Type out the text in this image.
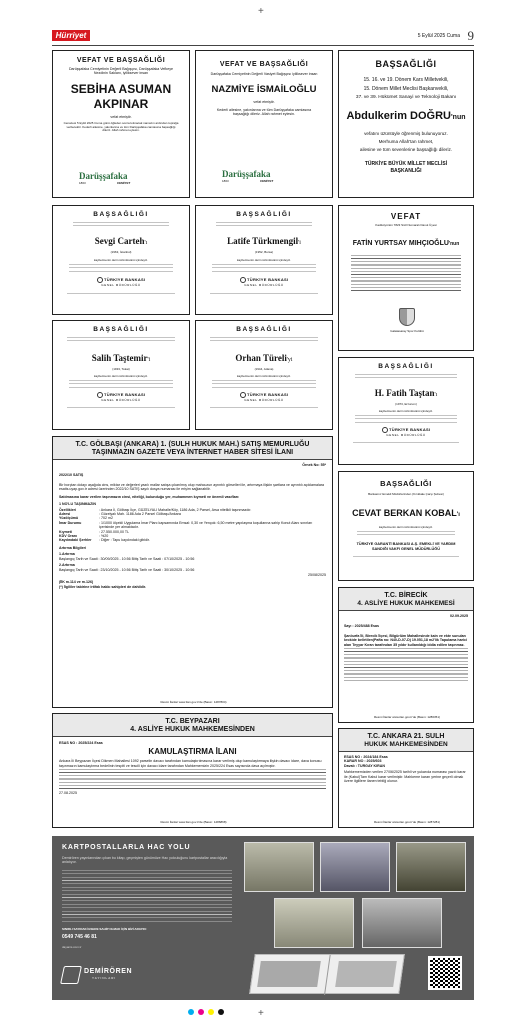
Hürriyet	5 Eylül 2025 Cuma 9
VEFAT VE BAŞSAĞLIĞI
Darüşşafaka Cemiyetinin Değerli Bağışçısı, Darüşşafaka Vefkeye Nezdinin Saklanı, iyiliksever insan
SEBİHA ASUMAN
AKPINAR
vefat etmiştir.
Cenazesi 5 Eylül 2025 Cuma günü öğleden sonra kılınacak namazın ardından toprağa verilecektir. Kederli ailesine, yakınlarına ve tüm Darüşşafaka camiasına başsağlığı dileriz. Allah rahmet eylesin.
Darüşşafaka
1863	CEMİYET
VEFAT VE BAŞSAĞLIĞI
Darüşşafaka Cemiyetinin Değerli Vasiyet Bağışçısı iyiliksever insan
NAZMİYE İSMAİLOĞLU
vefat etmiştir.
Kederli ailesine, yakınlarına ve tüm Darüşşafaka camiasına başsağlığı dileriz. Allah rahmet eylesin.
Darüşşafaka
1863	CEMİYET
BAŞSAĞLIĞI
15. 16. ve 19. Dönem Kars Milletvekili,
15. Dönem Millet Meclisi Başkanvekili,
37. ve 39. Hükümet Sanayi ve Teknoloji Bakanı
Abdulkerim DOĞRU'nun
vefatını üzüntüyle öğrenmiş bulunuyoruz.
Merhuma Allah'tan rahmet,
ailesine ve tüm sevenlerine başsağlığı dileriz.
TÜRKİYE BÜYÜK MİLLET MECLİSİ BAŞKANLIĞI
BAŞSAĞLIĞI
Sevgi Carteh'ı
(1963, İstanbul)
kaybetmenin derin üzüntüsünü içindeyiz.
TÜRKİYE BANKASI
GENEL MÜDÜRLÜĞÜ
BAŞSAĞLIĞI
Latife Türkmengil'i
(1952, Bursa)
kaybetmenin derin üzüntüsünü içindeyiz.
TÜRKİYE BANKASI
GENEL MÜDÜRLÜĞÜ
VEFAT
Kadıköyünün 7823 Sicil Numaralı Davut Üyesi
FATİN YURTSAY MIHÇIOĞLU'nun
Galatasaray Spor Kulübü
BAŞSAĞLIĞI
Salih Taştemir'i
(1933, Tokat)
kaybetmenin derin üzüntüsünü içindeyiz.
TÜRKİYE BANKASI
GENEL MÜDÜRLÜĞÜ
BAŞSAĞLIĞI
Orhan Türeli'yi
(1944, Adana)
kaybetmenin derin üzüntüsünü içindeyiz.
TÜRKİYE BANKASI
GENEL MÜDÜRLÜĞÜ
BAŞSAĞLIĞI
H. Fatih Taştan'ı
(1973, Erzurum)
kaybetmenin derin üzüntüsünü içindeyiz.
TÜRKİYE BANKASI
GENEL MÜDÜRLÜĞÜ
T.C. GÖLBAŞI (ANKARA) 1. (SULH HUKUK MAH.) SATIŞ MEMURLUĞU
TAŞINMAZIN GAZETE VEYA İNTERNET HABER SİTESİ İLANI
2022/10 SATIŞ
Örnek No: 55*
Bir borçtan dolayı aşağıda cins, miktar ve değerleri yazılı mallar satışa çıkarılmış olup mahcuzun ayrıntılı görselleri ile, artırmaya ilişkin şartlara ve ayrıntılı açıklamalara esatis.uyap.gov.tr adresi üzerinden 2022/10 SATIŞ sayılı dosya numarası ile erişim sağlanabilir.
Satılmasına karar verilen taşınmazın cinsi, niteliği, bulunduğu yer, muhammen kıymeti ve önemli vasıfları:
1 NO'LU TAŞINMAZIN
Özellikleri	: Ankara İl, Gölbaşı İlçe, GÜZELYALI Mahalle/Köy, 1186 Ada, 2 Parsel, Arsa nitelikli taşınmazdır.
Adresi	: Güzelyalı Mah. 1186 Ada 2 Parsel Gölbaşı/Ankara
Yüzölçümü	: 702 m2
İmar Durumu	: 1/1000 ölçekli Uygulama İmar Planı kapsamında Emsal: 0,30 ve Yençok: 6,50 metre yapılaşma koşullarına sahip Konut Alanı sınırları içerisinde yer almaktadır.
Kıymeti	: 27.550.000,00 TL
KDV Oranı	: %20
Kaydındaki Şerhler	: Diğer : Tapu kaydındaki gibidir.
Artırma Bilgileri
1.Artırma
Başlangıç Tarih ve Saati : 30/09/2025 - 10:56 Bitiş Tarih ve Saati : 07/10/2025 - 10:56
2.Artırma
Başlangıç Tarih ve Saati : 23/10/2025 - 10:56 Bitiş Tarih ve Saati : 30/10/2025 - 10:56
25/08/2025
(İİK m.114 ve m.126)
(*) İlgililer tabirine irtifak hakkı sahipleri de dahildir.
Resmi İlanlar www.ilan.gov.tr'de (Basın: 1287804)
T.C. BEYPAZARI
4. ASLİYE HUKUK MAHKEMESİNDEN
ESAS NO : 2025/224 Esas
KAMULAŞTIRMA İLANI
Ankara İli Beypazarı İlçesi Dikmen Mahallesi 1092 parselin davacı tarafından kamulaştırılmasına karar verilmiş olup kamulaştırmaya ilişkin davacı idare, dava konusu taşınmazın kamulaştırma bedelinin tespiti ve tescili için davacı idare tarafından Mahkememizin 2025/224 Esas sayısında dava açılmıştır.
27.08.2025
Resmi İlanlar www.ilan.gov.tr'de (Basın: 1286868)
BAŞSAĞLIĞI
Bankamız Emekli Müdürlerinden (Kırıkkale Çarşı Şubesi)
CEVAT BERKAN KOBAL'ı
kaybetmenin derin üzüntüsünü içindeyiz.
TÜRKİYE GARANTİ BANKASI A.Ş. EMEKLİ VE YARDIM SANDIĞI VAKFI GENEL MÜDÜRLÜĞÜ
T.C. BİRECİK
4. ASLİYE HUKUK MAHKEMESİ
Sayı : 2025/488 Esas
02.09.2025
Şanlıurfa İli, Birecik İlçesi, Bilgürlüm Mahallesinde kain ve ekte sunulan krokide belirtilen(Pafta no: N40-D-07-D) 19.051,18 m2'lik Tapulama harici alan Teyyar Kıran tarafından 35 yıldır kullanıldığı iddia edilen taşınmaz.
Resmi İlanlar www.ilan.gov.tr'de (Basın: 1286351)
T.C. ANKARA 21. SULH
HUKUK MAHKEMESİNDEN
ESAS NO : 2024/184 Esas
KARAR NO : 2025/603
Davalı : TURGAY KIRAN
Mahkememizden verilen 27/06/2025 tarihli ve yukarıda numarası yazılı karar ile (Kabul)Tam Kabul karar verilmiştir. Mahkeme kararı yerine geçerli olmak üzere ilgililere ilanen tebliğ olunur.
Resmi İlanlar www.ilan.gov.tr'de (Basın: 1287281)
KARTPOSTALLARLA HAC YOLU
Demirören yayınlarından çıkan bu kitap, geçmişten günümüze Hac yolculuğunu kartpostallar aracılığıyla anlatıyor.
SINIRLI SAYIDAKİ ESERE SAHİP OLMAK İÇİN BİZİ ARAYIN:
0549 745 46 81
dayanis.com.tr
DEMİRÖREN
YAYINLARI
+
+
